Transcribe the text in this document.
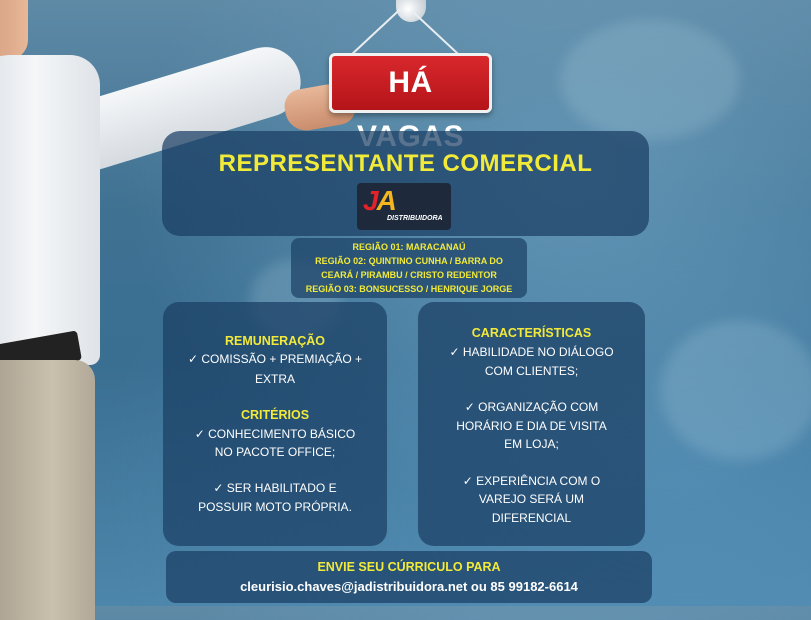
HÁ
REPRESENTANTE COMERCIAL
JA
DISTRIBUIDORA
REGIÃO 01: MARACANAÚ
REGIÃO 02: QUINTINO CUNHA / BARRA DO
CEARÁ / PIRAMBU / CRISTO REDENTOR
REGIÃO 03: BONSUCESSO / HENRIQUE JORGE
REMUNERAÇÃO
✓ COMISSÃO + PREMIAÇÃO +
EXTRA
CRITÉRIOS
✓ CONHECIMENTO BÁSICO
NO PACOTE OFFICE;
✓ SER HABILITADO E
POSSUIR MOTO PRÓPRIA.
CARACTERÍSTICAS
✓ HABILIDADE NO DIÁLOGO
COM CLIENTES;
✓ ORGANIZAÇÃO COM
HORÁRIO E DIA DE VISITA
EM LOJA;
✓ EXPERIÊNCIA COM O
VAREJO SERÁ UM
DIFERENCIAL
ENVIE SEU CÚRRICULO PARA
cleurisio.chaves@jadistribuidora.net ou 85 99182-6614
